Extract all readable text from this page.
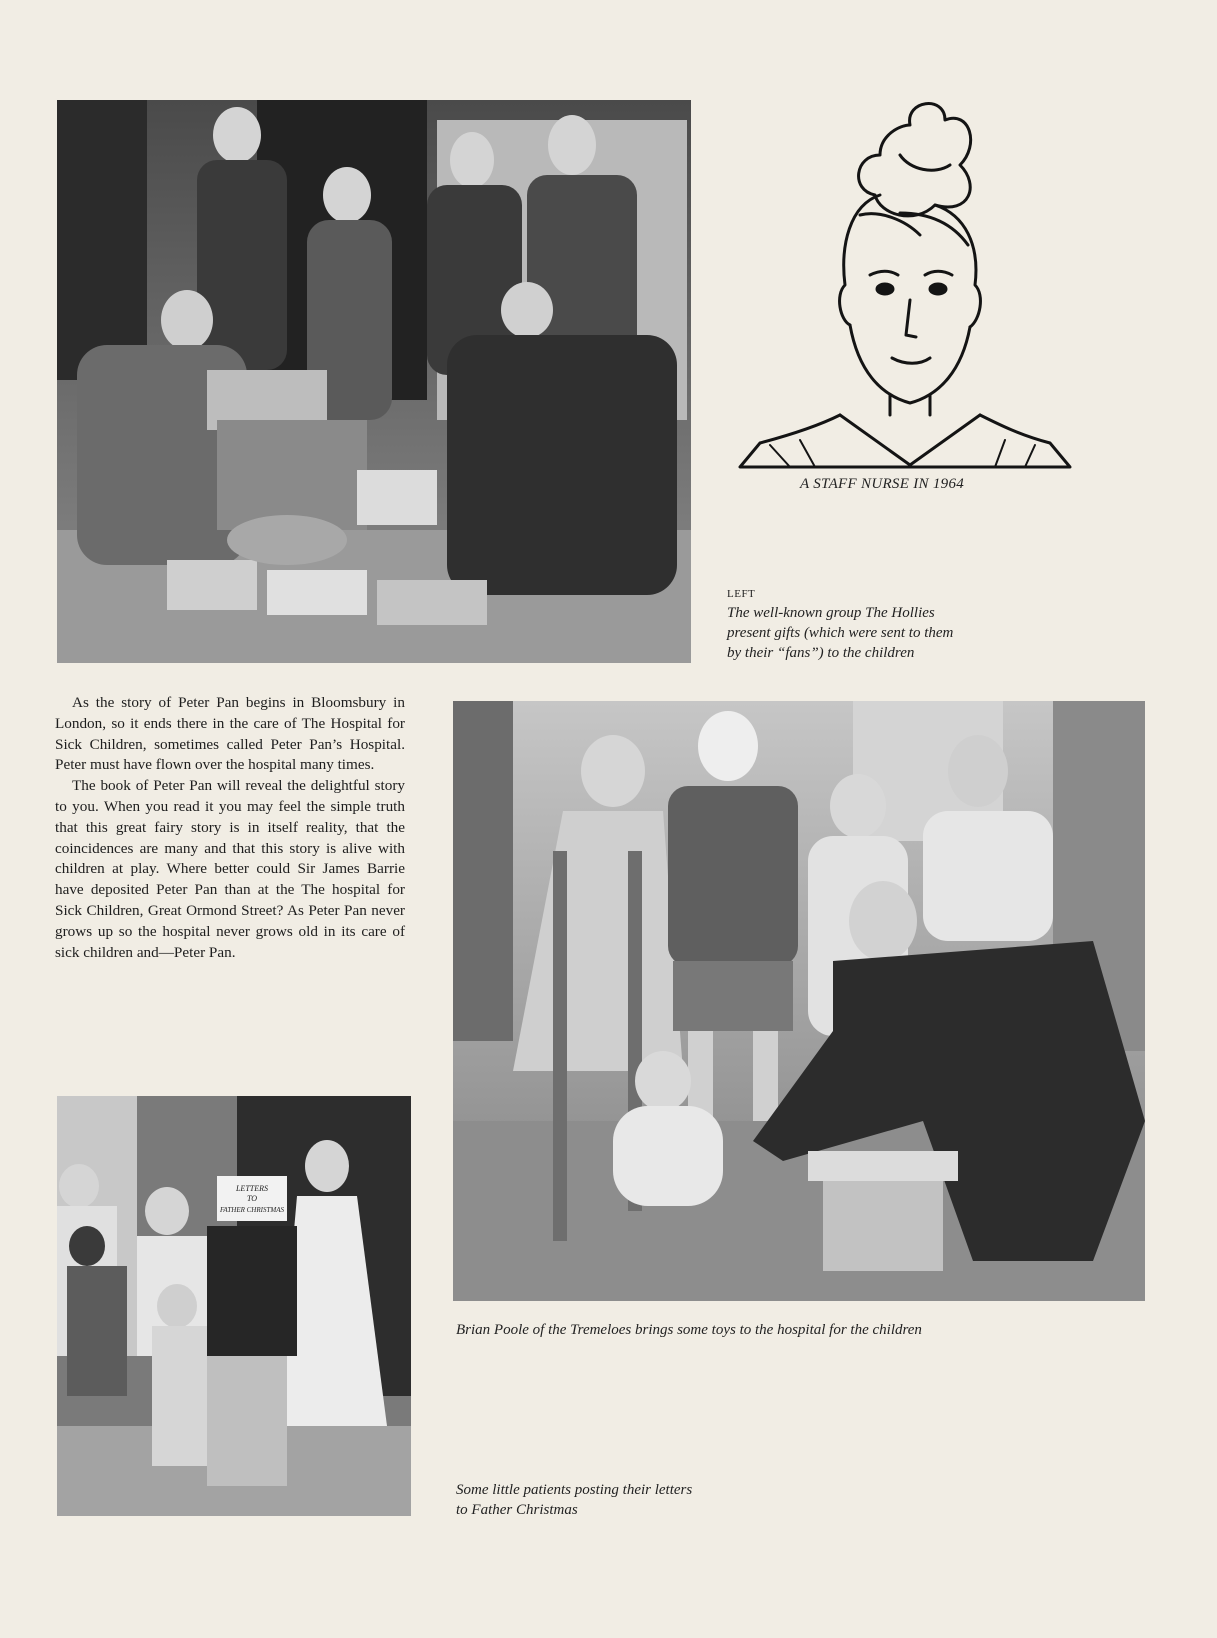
A STAFF NURSE IN 1964
LEFT
The well-known group The Hollies
present gifts (which were sent to them
by their “fans”) to the children

As the story of Peter Pan begins in Bloomsbury in London, so it ends there in the care of The Hospital for Sick Children, sometimes called Peter Pan’s Hospital. Peter must have flown over the hospital many times.

The book of Peter Pan will reveal the delightful story to you. When you read it you may feel the simple truth that this great fairy story is in itself reality, that the coincidences are many and that this story is alive with children at play. Where better could Sir James Barrie have deposited Peter Pan than at the The hospital for Sick Children, Great Ormond Street? As Peter Pan never grows up so the hospital never grows old in its care of sick children and—Peter Pan.

Brian Poole of the Tremeloes brings some toys to the hospital for the children
LETTERS
TO
FATHER CHRISTMAS
Some little patients posting their letters
to Father Christmas
